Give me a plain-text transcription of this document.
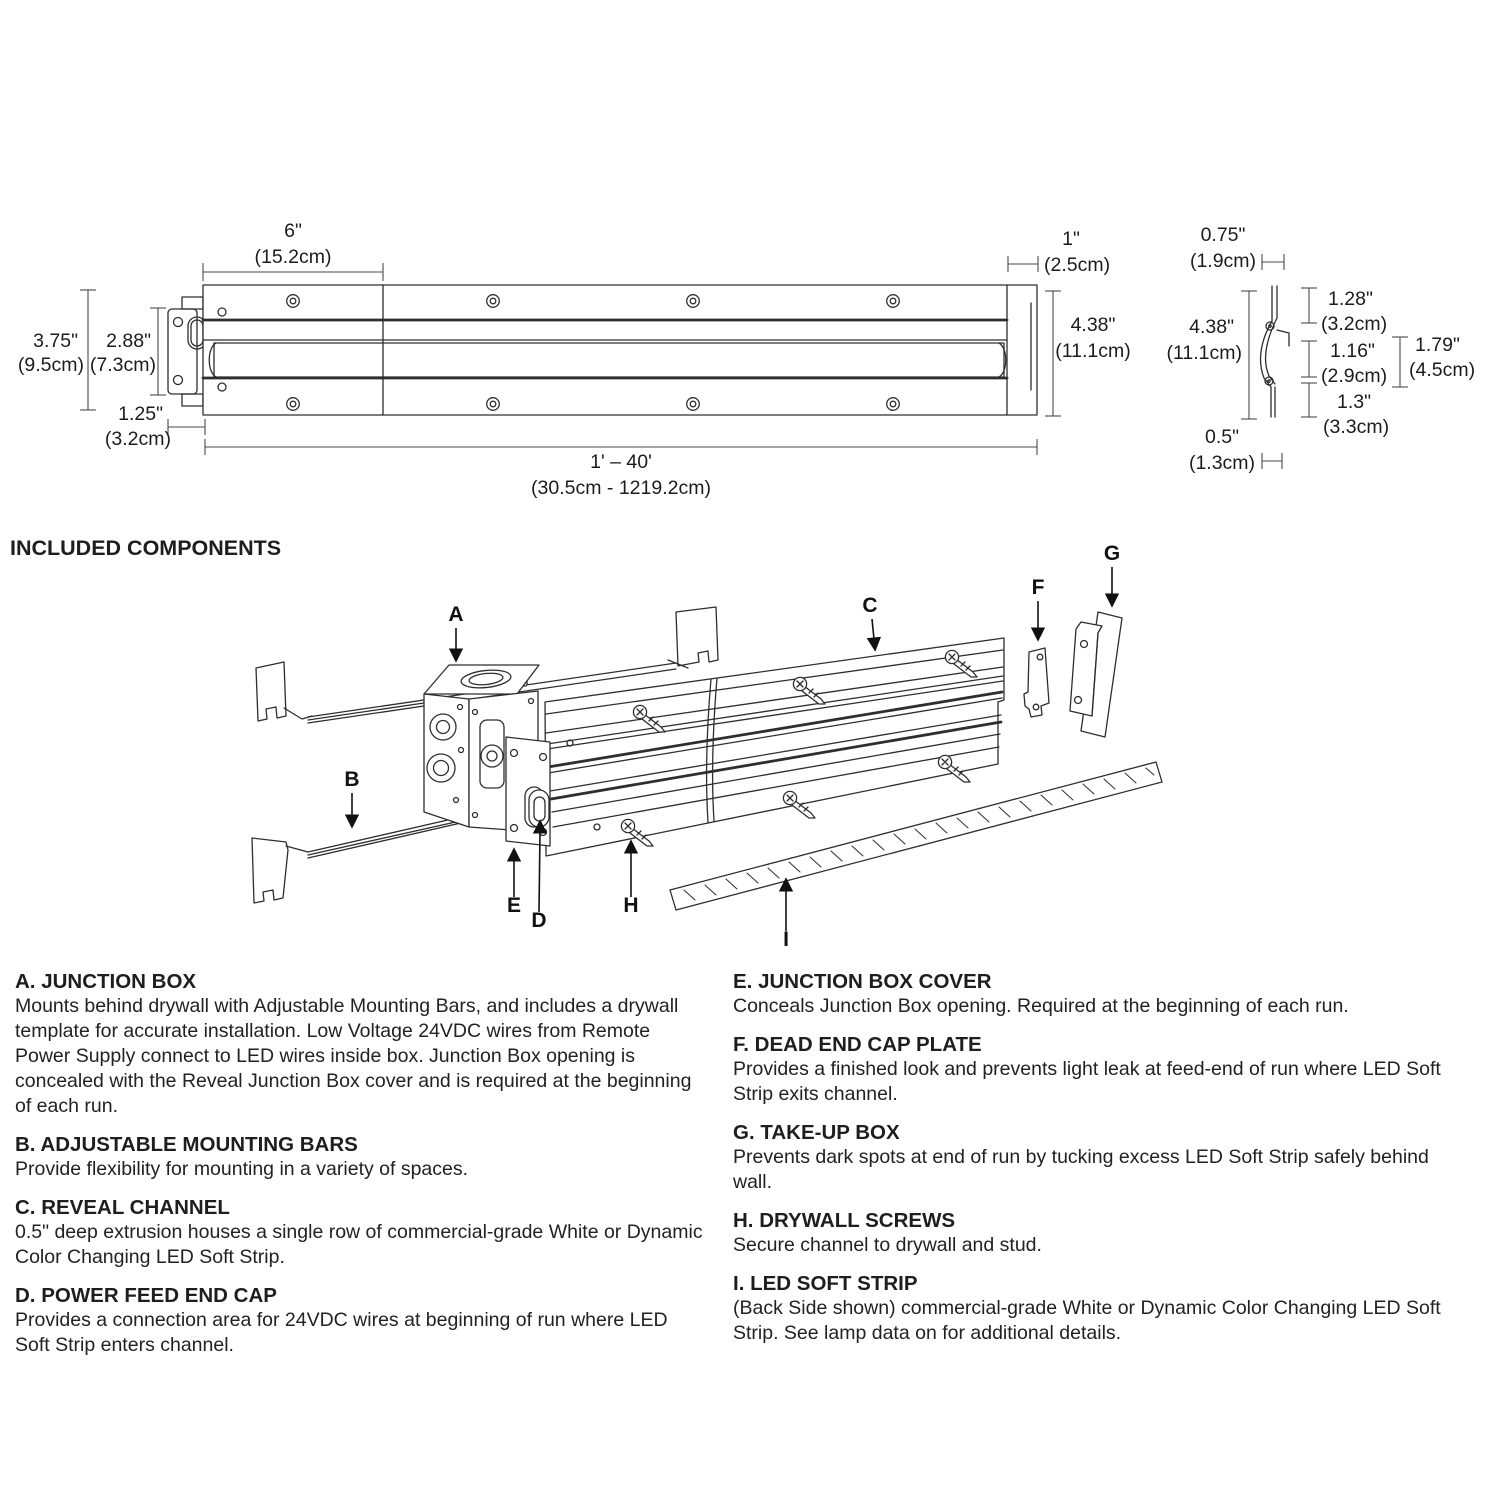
6"
(15.2cm)
3.75"
(9.5cm)
2.88"
(7.3cm)
1.25"
(3.2cm)
1"
(2.5cm)
4.38"
(11.1cm)
1' – 40'
(30.5cm - 1219.2cm)
0.75"
(1.9cm)
4.38"
(11.1cm)
1.28"
(3.2cm)
1.16"
(2.9cm)
1.3"
(3.3cm)
1.79"
(4.5cm)
0.5"
(1.3cm)
INCLUDED COMPONENTS
A
B
C
F
G
E
D
H
I
A. JUNCTION BOX

Mounts behind drywall with Adjustable Mounting Bars, and includes a drywall template for accurate installation. Low Voltage 24VDC wires from Remote Power Supply connect to LED wires inside box. Junction Box opening is concealed with the Reveal Junction Box cover and is required at the beginning of each run.

B. ADJUSTABLE MOUNTING BARS

Provide flexibility for mounting in a variety of spaces.

C. REVEAL CHANNEL

0.5" deep extrusion houses a single row of commercial-grade White or Dynamic Color Changing LED Soft Strip.

D. POWER FEED END CAP

Provides a connection area for 24VDC wires at beginning of run where LED Soft Strip enters channel.

E. JUNCTION BOX COVER

Conceals Junction Box opening. Required at the beginning of each run.

F. DEAD END CAP PLATE

Provides a finished look and prevents light leak at feed-end of run where LED Soft Strip exits channel.

G. TAKE-UP BOX

Prevents dark spots at end of run by tucking excess LED Soft Strip safely behind wall.

H. DRYWALL SCREWS

Secure channel to drywall and stud.

I. LED SOFT STRIP

(Back Side shown) commercial-grade White or Dynamic Color Changing LED Soft Strip. See lamp data on for additional details.
